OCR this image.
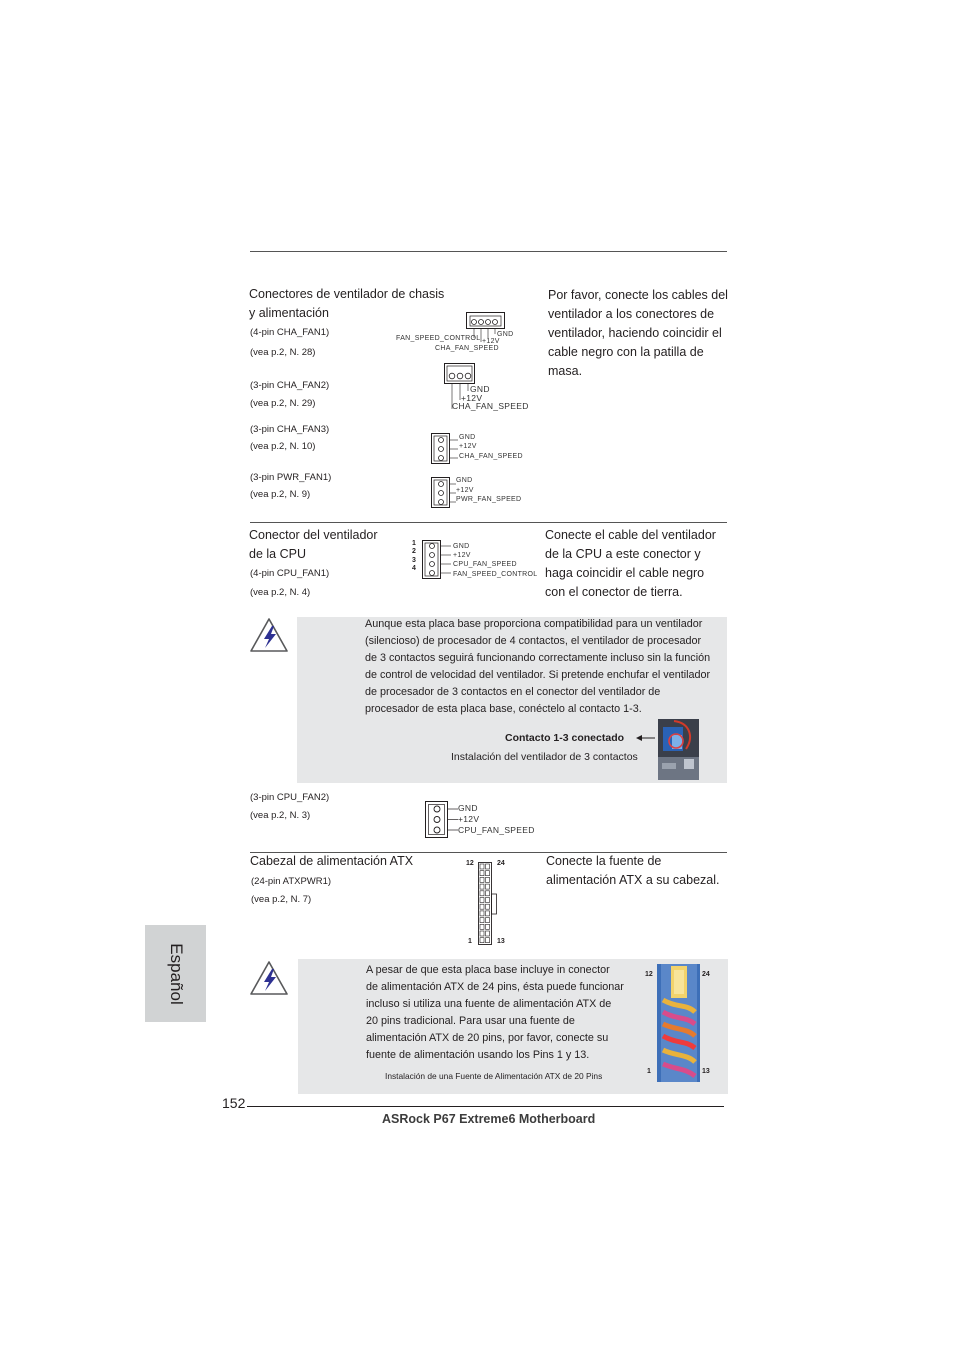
Conectores de ventilador de chasis
y alimentación
(4-pin CHA_FAN1)
(vea p.2, N. 28)
(3-pin CHA_FAN2)
(vea p.2, N. 29)
(3-pin CHA_FAN3)
(vea p.2, N. 10)
(3-pin PWR_FAN1)
(vea p.2, N. 9)
Por favor, conecte los cables del
ventilador a los conectores de
ventilador, haciendo coincidir el
cable negro con la patilla de
masa.
FAN_SPEED_CONTROL +12V
GND
CHA_FAN_SPEED
GND
+12V
CHA_FAN_SPEED
GND
+12V
CHA_FAN_SPEED
GND
+12V
PWR_FAN_SPEED
Conector del ventilador
de la CPU
(4-pin CPU_FAN1)
(vea p.2, N. 4)
Conecte el cable del ventilador
de la CPU a este conector y
haga coincidir el cable negro
con el conector de tierra.
1
2
3
4
GND
+12V
CPU_FAN_SPEED
FAN_SPEED_CONTROL
Aunque esta placa base proporciona compatibilidad para un ventilador
(silencioso) de procesador de 4 contactos, el ventilador de procesador
de 3 contactos seguirá funcionando correctamente incluso sin la función
de control de velocidad del ventilador. Si pretende enchufar el ventilador
de procesador de 3 contactos en el conector del ventilador de
procesador de esta placa base, conéctelo al contacto 1-3.
Contacto 1-3 conectado
Instalación del ventilador de 3 contactos
(3-pin CPU_FAN2)
(vea p.2, N. 3)
GND
+12V
CPU_FAN_SPEED
Cabezal de alimentación ATX
(24-pin ATXPWR1)
(vea p.2, N. 7)
Conecte la fuente de
alimentación ATX a su cabezal.
12	24
1	13
A pesar de que esta placa base incluye in conector
de alimentación ATX de 24 pins, ésta puede funcionar
incluso si utiliza una fuente de alimentación ATX de
20 pins tradicional. Para usar una fuente de
alimentación ATX de 20 pins, por favor, conecte su
fuente de alimentación usando los Pins 1 y 13.
Instalación de una Fuente de Alimentación ATX de 20 Pins
12	24
1	13
152
ASRock P67 Extreme6 Motherboard
Español
